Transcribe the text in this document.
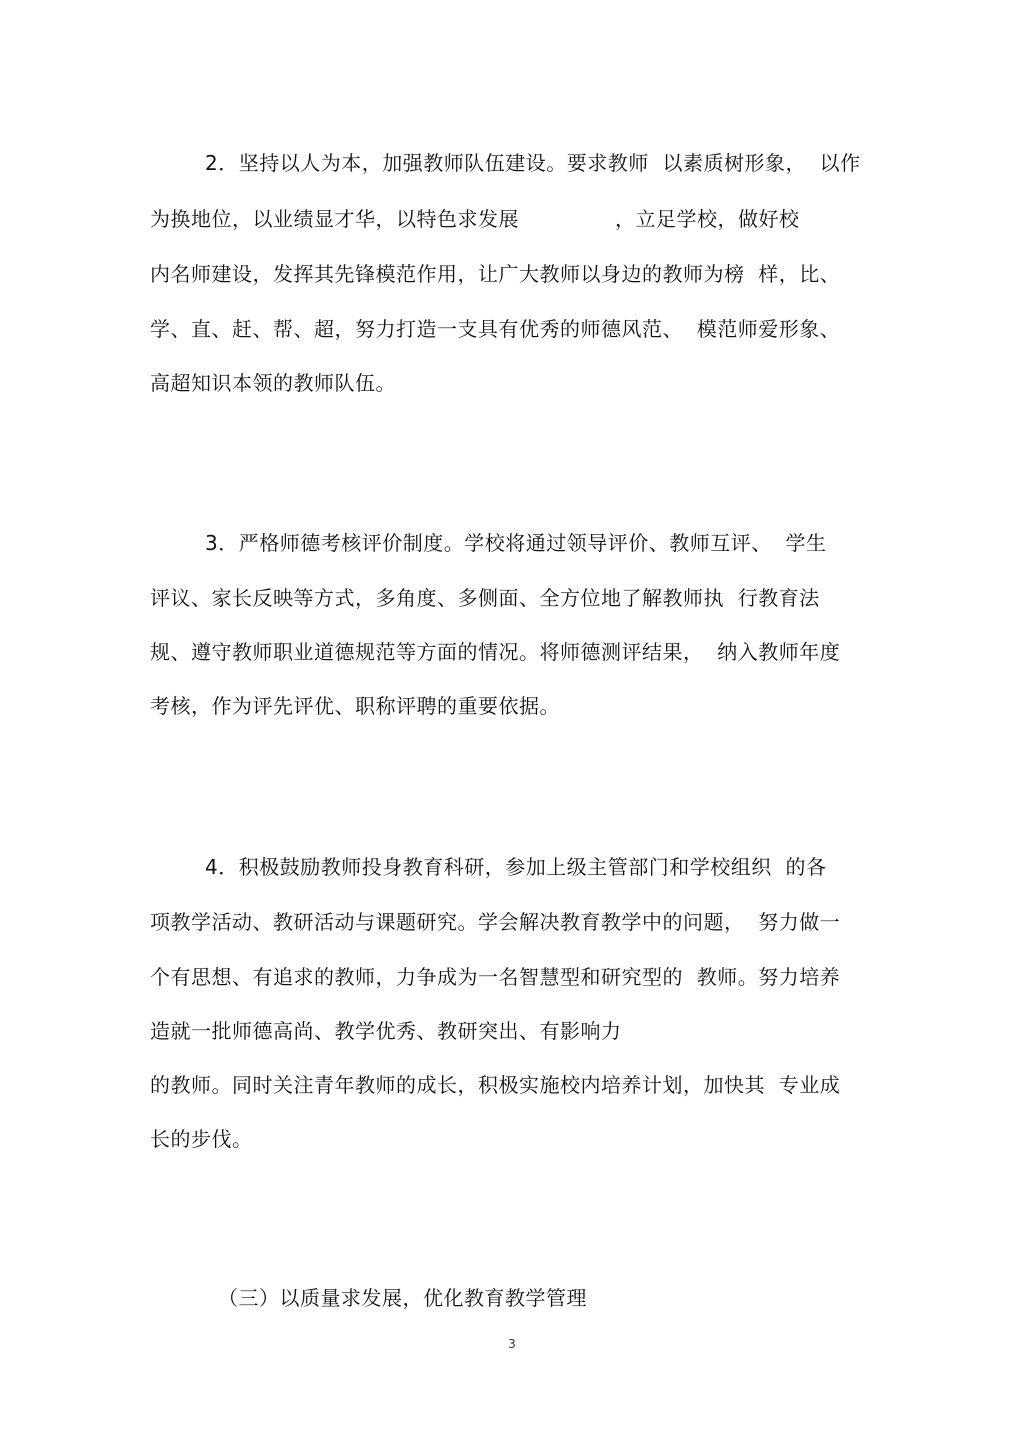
2．坚持以人为本，加强教师队伍建设。要求教师  以素质树形象，  以作
为换地位，以业绩显才华，以特色求发展              ，立足学校，做好校
内名师建设，发挥其先锋模范作用，让广大教师以身边的教师为榜  样，比、
学、直、赶、帮、超，努力打造一支具有优秀的师德风范、  模范师爱形象、
高超知识本领的教师队伍。
3．严格师德考核评价制度。学校将通过领导评价、教师互评、  学生
评议、家长反映等方式，多角度、多侧面、全方位地了解教师执  行教育法
规、遵守教师职业道德规范等方面的情况。将师德测评结果，  纳入教师年度
考核，作为评先评优、职称评聘的重要依据。
4．积极鼓励教师投身教育科研，参加上级主管部门和学校组织  的各
项教学活动、教研活动与课题研究。学会解决教育教学中的问题，  努力做一
个有思想、有追求的教师，力争成为一名智慧型和研究型的  教师。努力培养
造就一批师德高尚、教学优秀、教研突出、有影响力
的教师。同时关注青年教师的成长，积极实施校内培养计划，加快其  专业成
长的步伐。
（三）以质量求发展，优化教育教学管理
3
